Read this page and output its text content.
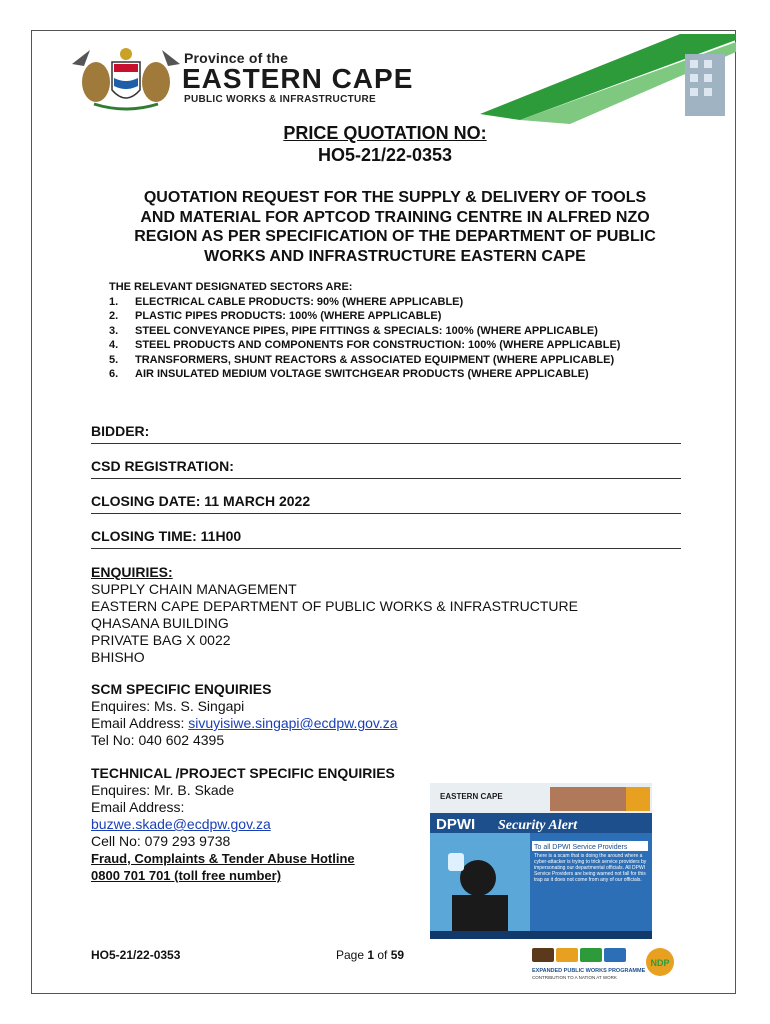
Province of the
EASTERN CAPE
PUBLIC WORKS & INFRASTRUCTURE
PRICE QUOTATION NO:
HO5-21/22-0353
QUOTATION REQUEST FOR THE SUPPLY & DELIVERY OF TOOLS
AND MATERIAL FOR APTCOD TRAINING CENTRE IN ALFRED NZO
REGION AS PER SPECIFICATION OF THE DEPARTMENT OF PUBLIC
WORKS AND INFRASTRUCTURE EASTERN CAPE
THE RELEVANT DESIGNATED SECTORS ARE:
1.	ELECTRICAL CABLE PRODUCTS: 90% (WHERE APPLICABLE)
2.	PLASTIC PIPES PRODUCTS: 100% (WHERE APPLICABLE)
3.	STEEL CONVEYANCE PIPES, PIPE FITTINGS & SPECIALS: 100% (WHERE APPLICABLE)
4.	STEEL PRODUCTS AND COMPONENTS FOR CONSTRUCTION: 100% (WHERE APPLICABLE)
5.	TRANSFORMERS, SHUNT REACTORS & ASSOCIATED EQUIPMENT (WHERE APPLICABLE)
6.	AIR INSULATED MEDIUM VOLTAGE SWITCHGEAR PRODUCTS (WHERE APPLICABLE)
BIDDER:
CSD REGISTRATION:
CLOSING DATE: 11 MARCH 2022
CLOSING TIME: 11H00
ENQUIRIES:
SUPPLY CHAIN MANAGEMENT
EASTERN CAPE DEPARTMENT OF PUBLIC WORKS & INFRASTRUCTURE
QHASANA BUILDING
PRIVATE BAG X 0022
BHISHO
SCM SPECIFIC ENQUIRIES
Enquires: Ms. S. Singapi
Email Address: sivuyisiwe.singapi@ecdpw.gov.za
Tel No: 040 602 4395
TECHNICAL /PROJECT SPECIFIC ENQUIRIES
Enquires: Mr. B. Skade
Email Address:
buzwe.skade@ecdpw.gov.za
Cell No: 079 293 9738
Fraud, Complaints & Tender Abuse Hotline
0800 701 701 (toll free number)
EASTERN CAPE
DPWI Security Alert
To all DPWI Service Providers
There is a scam that is doing the around where a cyber-attacker is trying to trick service providers by impersonating our departmental officials. All DPWI Service Providers are being warned not fall for this trap as it does not come from any of our officials.
HO5-21/22-0353	Page 1 of 59
NDP
EXPANDED PUBLIC WORKS PROGRAMME
CONTRIBUTION TO A NATION AT WORK
